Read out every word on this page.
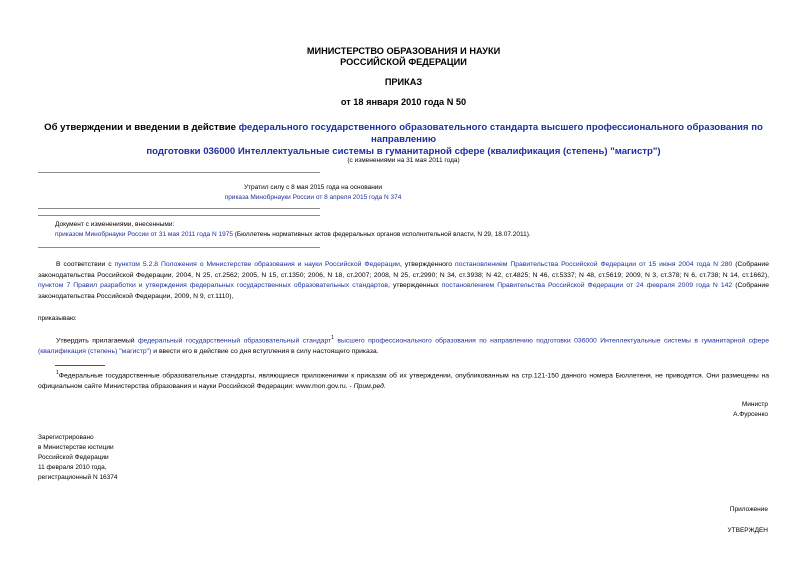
МИНИСТЕРСТВО ОБРАЗОВАНИЯ И НАУКИ
РОССИЙСКОЙ ФЕДЕРАЦИИ
ПРИКАЗ
от 18 января 2010 года N 50
Об утверждении и введении в действие федерального государственного образовательного стандарта высшего профессионального образования по направлению
подготовки 036000 Интеллектуальные системы в гуманитарной сфере (квалификация (степень) "магистр")
(с изменениями на 31 мая 2011 года)
Утратил силу с 8 мая 2015 года на основании
приказа Минобрнауки России от 8 апреля 2015 года N 374
Документ с изменениями, внесенными:
приказом Минобрнауки России от 31 мая 2011 года N 1975 (Бюллетень нормативных актов федеральных органов исполнительной власти, N 29, 18.07.2011).
В соответствии с пунктом 5.2.8 Положения о Министерстве образования и науки Российской Федерации, утвержденного постановлением Правительства Российской Федерации от 15 июня 2004 года N 280 (Собрание законодательства Российской Федерации, 2004, N 25, ст.2562; 2005, N 15, ст.1350; 2006, N 18, ст.2007; 2008, N 25, ст.2990; N 34, ст.3938; N 42, ст.4825; N 46, ст.5337; N 48, ст.5619; 2009, N 3, ст.378; N 6, ст.738; N 14, ст.1662), пунктом 7 Правил разработки и утверждения федеральных государственных образовательных стандартов, утвержденных постановлением Правительства Российской Федерации от 24 февраля 2009 года N 142 (Собрание законодательства Российской Федерации, 2009, N 9, ст.1110),
приказываю:
Утвердить прилагаемый федеральный государственный образовательный стандарт$^1$ высшего профессионального образования по направлению подготовки 036000 Интеллектуальные системы в гуманитарной сфере (квалификация (степень) "магистр") и ввести его в действие со дня вступления в силу настоящего приказа.
$^1$Федеральные государственные образовательные стандарты, являющиеся приложениями к приказам об их утверждении, опубликованным на стр.121-150 данного номера Бюллетеня, не приводятся. Они размещены на официальном сайте Министерства образования и науки Российской Федерации: www.mon.gov.ru. - Прим.ред.
Министр
А.Фурсенко
Зарегистрировано
в Министерстве юстиции
Российской Федерации
11 февраля 2010 года,
регистрационный N 16374
Приложение
УТВЕРЖДЕН
